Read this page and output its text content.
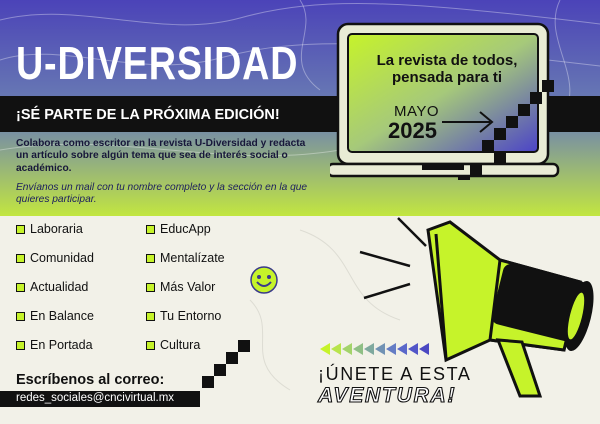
U-DIVERSIDAD
¡SÉ PARTE DE LA PRÓXIMA EDICIÓN!
Colabora como escritor en la revista U-Diversidad y redacta un artículo sobre algún tema que sea de interés social o académico.
Envíanos un mail con tu nombre completo y la sección en la que quieres participar.
Laboraria
Comunidad
Actualidad
En Balance
En Portada
EducApp
Mentalízate
Más Valor
Tu Entorno
Cultura
Escríbenos al correo:
redes_sociales@cncivirtual.mx
La revista de todos,
pensada para ti
MAYO
2025
¡ÚNETE A ESTA
AVENTURA!
